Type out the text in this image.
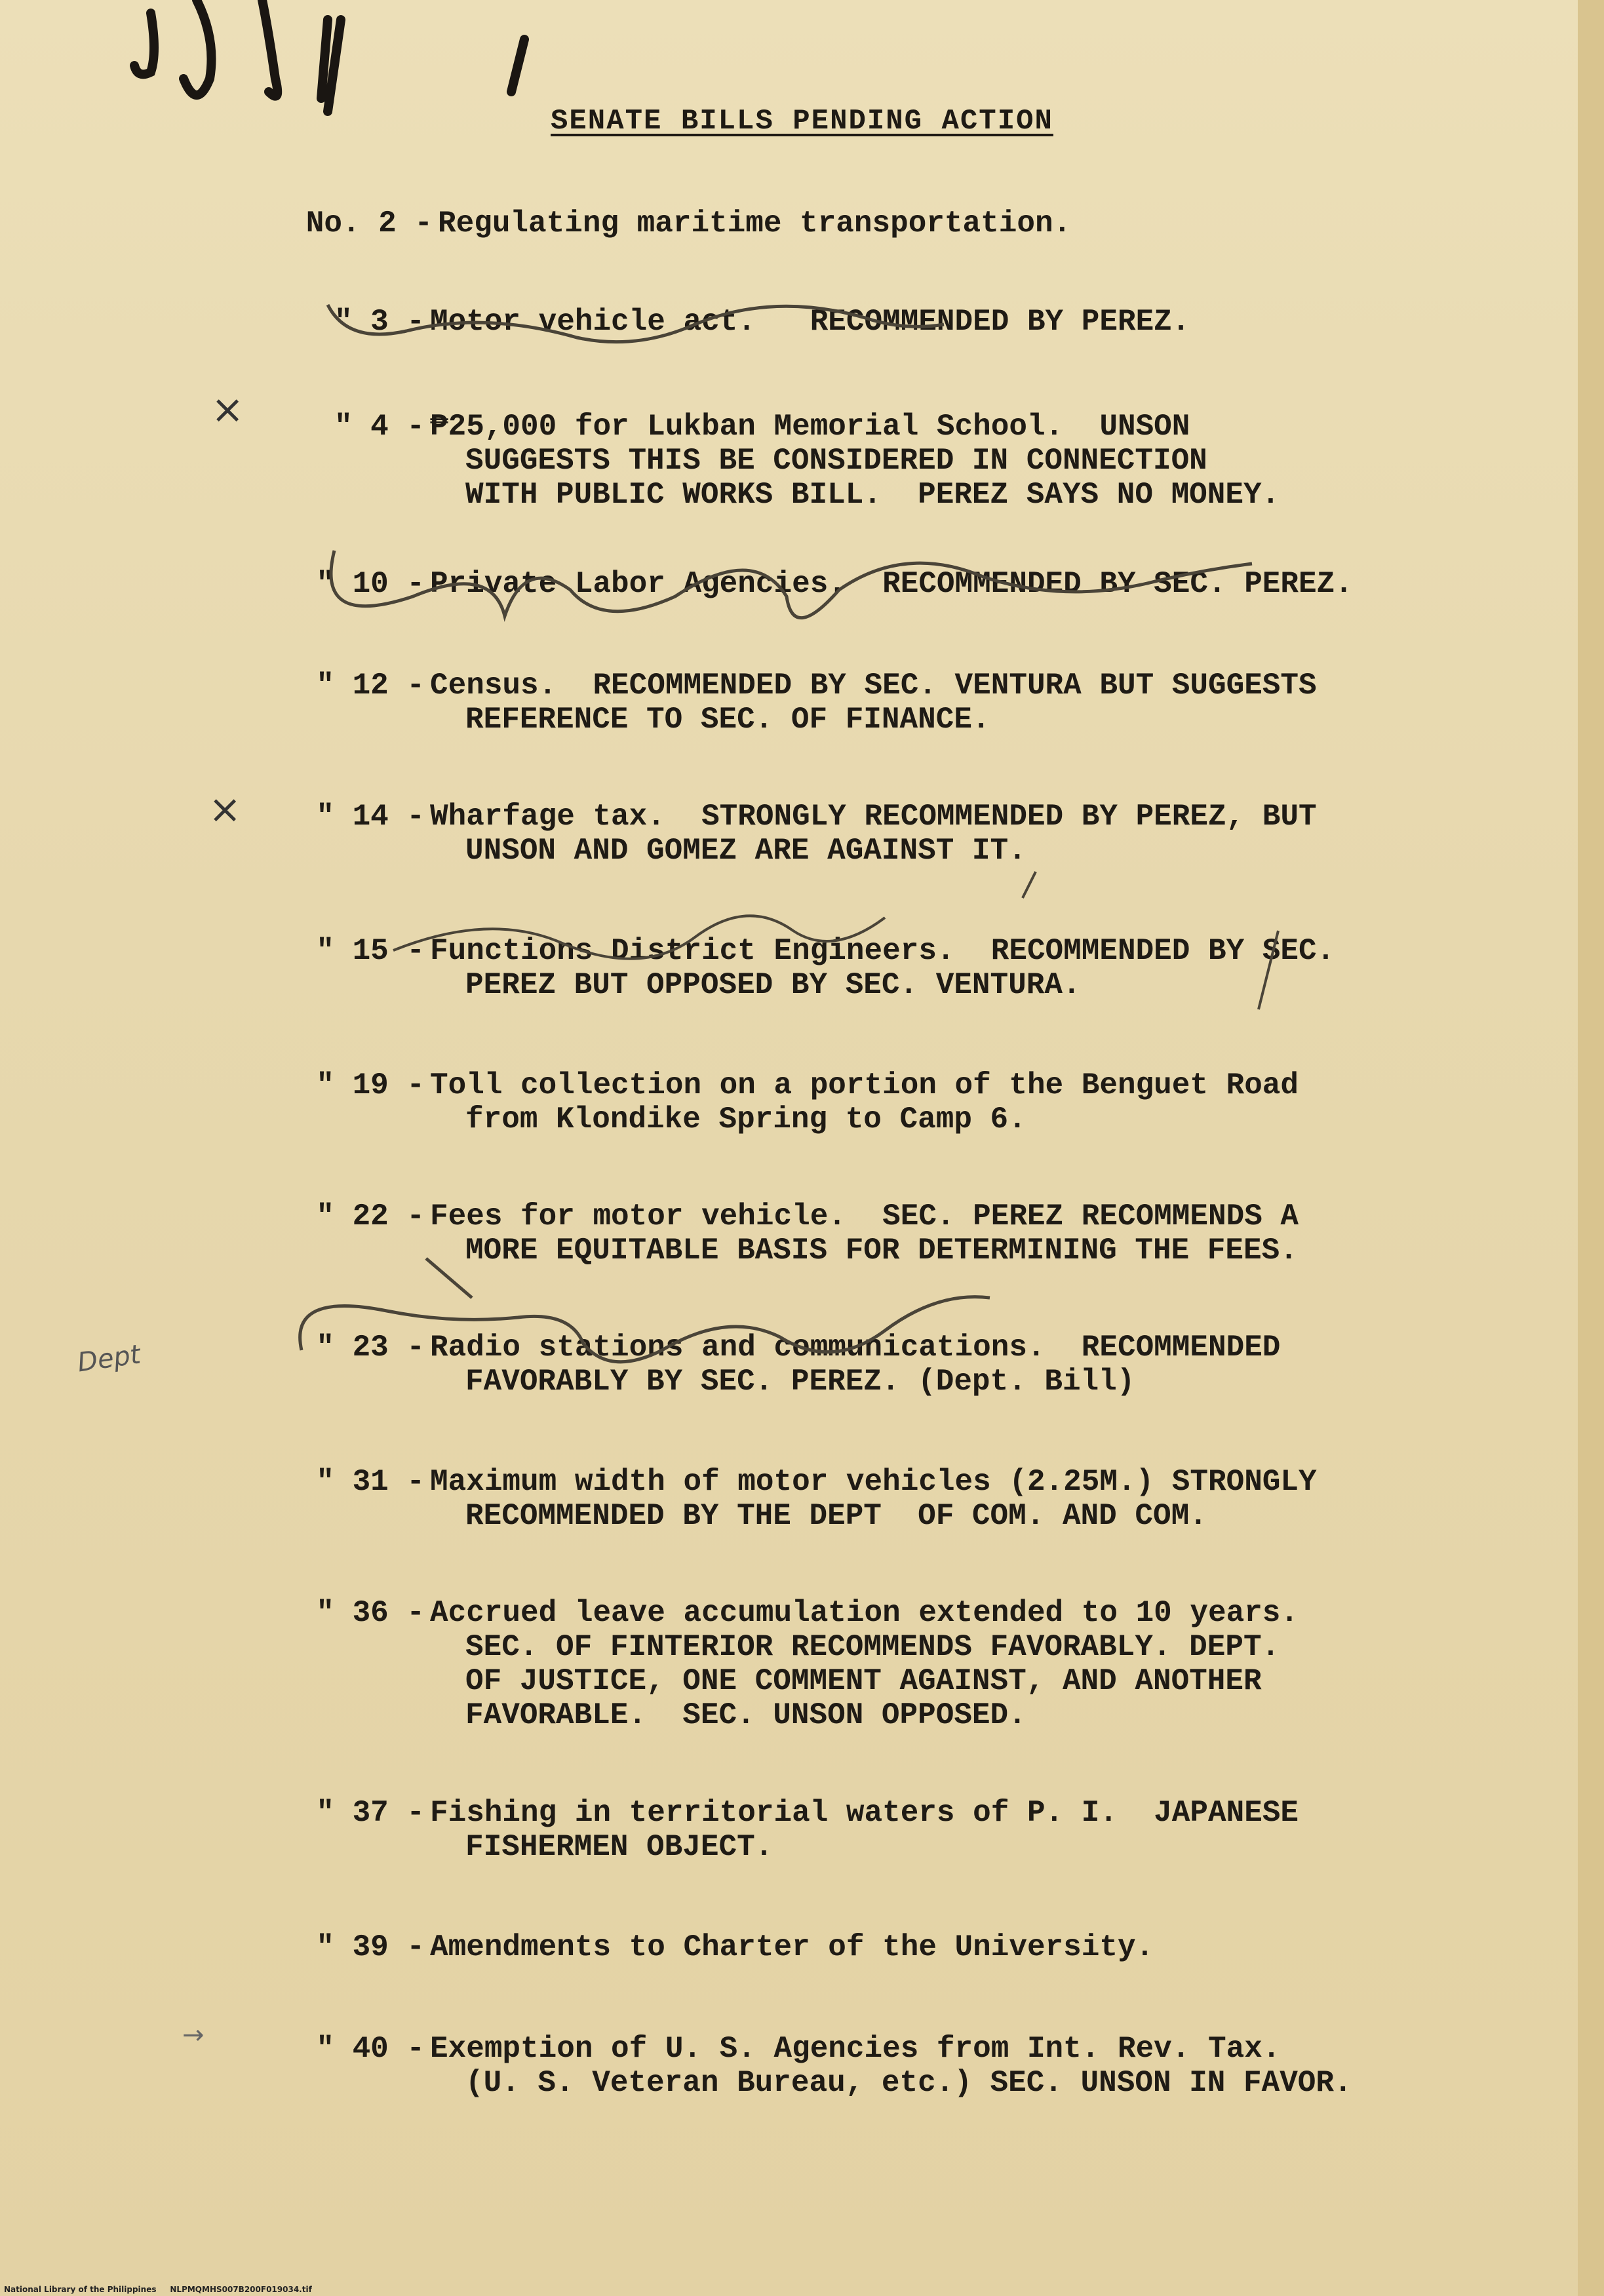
SENATE BILLS PENDING ACTION
No. 2 - Regulating maritime transportation.
" 3 - Motor vehicle act.   RECOMMENDED BY PEREZ.
" 4 - ₱25,000 for Lukban Memorial School.  UNSON
SUGGESTS THIS BE CONSIDERED IN CONNECTION
WITH PUBLIC WORKS BILL.  PEREZ SAYS NO MONEY.
" 10 - Private Labor Agencies.  RECOMMENDED BY SEC. PEREZ.
" 12 - Census.  RECOMMENDED BY SEC. VENTURA BUT SUGGESTS
REFERENCE TO SEC. OF FINANCE.
" 14 - Wharfage tax.  STRONGLY RECOMMENDED BY PEREZ, BUT
UNSON AND GOMEZ ARE AGAINST IT.
" 15 - Functions District Engineers.  RECOMMENDED BY SEC.
PEREZ BUT OPPOSED BY SEC. VENTURA.
" 19 - Toll collection on a portion of the Benguet Road
from Klondike Spring to Camp 6.
" 22 - Fees for motor vehicle.  SEC. PEREZ RECOMMENDS A
MORE EQUITABLE BASIS FOR DETERMINING THE FEES.
" 23 - Radio stations and communications.  RECOMMENDED
FAVORABLY BY SEC. PEREZ. (Dept. Bill)
" 31 - Maximum width of motor vehicles (2.25M.) STRONGLY
RECOMMENDED BY THE DEPT  OF COM. AND COM.
" 36 - Accrued leave accumulation extended to 10 years.
SEC. OF FINTERIOR RECOMMENDS FAVORABLY. DEPT.
OF JUSTICE, ONE COMMENT AGAINST, AND ANOTHER
FAVORABLE.  SEC. UNSON OPPOSED.
" 37 - Fishing in territorial waters of P. I.  JAPANESE
FISHERMEN OBJECT.
" 39 - Amendments to Charter of the University.
" 40 - Exemption of U. S. Agencies from Int. Rev. Tax.
(U. S. Veteran Bureau, etc.) SEC. UNSON IN FAVOR.
×
×
Dept
→
National Library of the Philippines NLPMQMHS007B200F019034.tif
